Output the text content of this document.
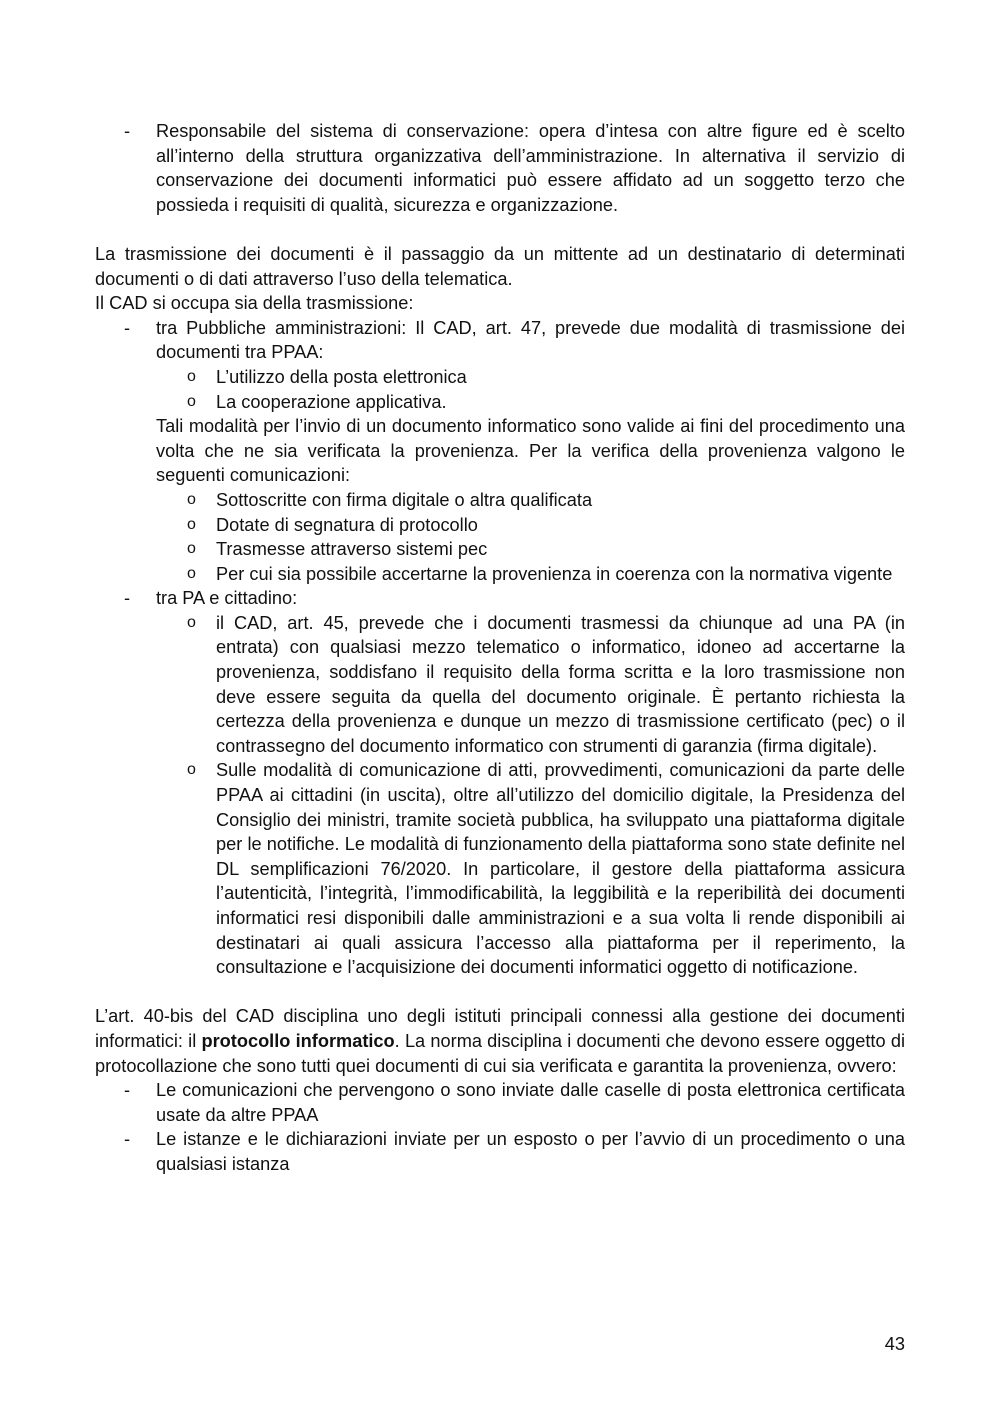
- Responsabile del sistema di conservazione: opera d’intesa con altre figure ed è scelto all’interno della struttura organizzativa dell’amministrazione. In alternativa il servizio di conservazione dei documenti informatici può essere affidato ad un soggetto terzo che possieda i requisiti di qualità, sicurezza e organizzazione.

La trasmissione dei documenti è il passaggio da un mittente ad un destinatario di determinati documenti o di dati attraverso l’uso della telematica.

Il CAD si occupa sia della trasmissione:

- tra Pubbliche amministrazioni: Il CAD, art. 47, prevede due modalità di trasmissione dei documenti tra PPAA:
o L’utilizzo della posta elettronica
o La cooperazione applicativa.
Tali modalità per l’invio di un documento informatico sono valide ai fini del procedimento una volta che ne sia verificata la provenienza. Per la verifica della provenienza valgono le seguenti comunicazioni:
o Sottoscritte con firma digitale o altra qualificata
o Dotate di segnatura di protocollo
o Trasmesse attraverso sistemi pec
o Per cui sia possibile accertarne la provenienza in coerenza con la normativa vigente
- tra PA e cittadino:
o il CAD, art. 45, prevede che i documenti trasmessi da chiunque ad una PA (in entrata) con qualsiasi mezzo telematico o informatico, idoneo ad accertarne la provenienza, soddisfano il requisito della forma scritta e la loro trasmissione non deve essere seguita da quella del documento originale. È pertanto richiesta la certezza della provenienza e dunque un mezzo di trasmissione certificato (pec) o il contrassegno del documento informatico con strumenti di garanzia (firma digitale).
o Sulle modalità di comunicazione di atti, provvedimenti, comunicazioni da parte delle PPAA ai cittadini (in uscita), oltre all’utilizzo del domicilio digitale, la Presidenza del Consiglio dei ministri, tramite società pubblica, ha sviluppato una piattaforma digitale per le notifiche. Le modalità di funzionamento della piattaforma sono state definite nel DL semplificazioni 76/2020. In particolare, il gestore della piattaforma assicura l’autenticità, l’integrità, l’immodificabilità, la leggibilità e la reperibilità dei documenti informatici resi disponibili dalle amministrazioni e a sua volta li rende disponibili ai destinatari ai quali assicura l’accesso alla piattaforma per il reperimento, la consultazione e l’acquisizione dei documenti informatici oggetto di notificazione.

L’art. 40-bis del CAD disciplina uno degli istituti principali connessi alla gestione dei documenti informatici: il protocollo informatico. La norma disciplina i documenti che devono essere oggetto di protocollazione che sono tutti quei documenti di cui sia verificata e garantita la provenienza, ovvero:

- Le comunicazioni che pervengono o sono inviate dalle caselle di posta elettronica certificata usate da altre PPAA
- Le istanze e le dichiarazioni inviate per un esposto o per l’avvio di un procedimento o una qualsiasi istanza
43
